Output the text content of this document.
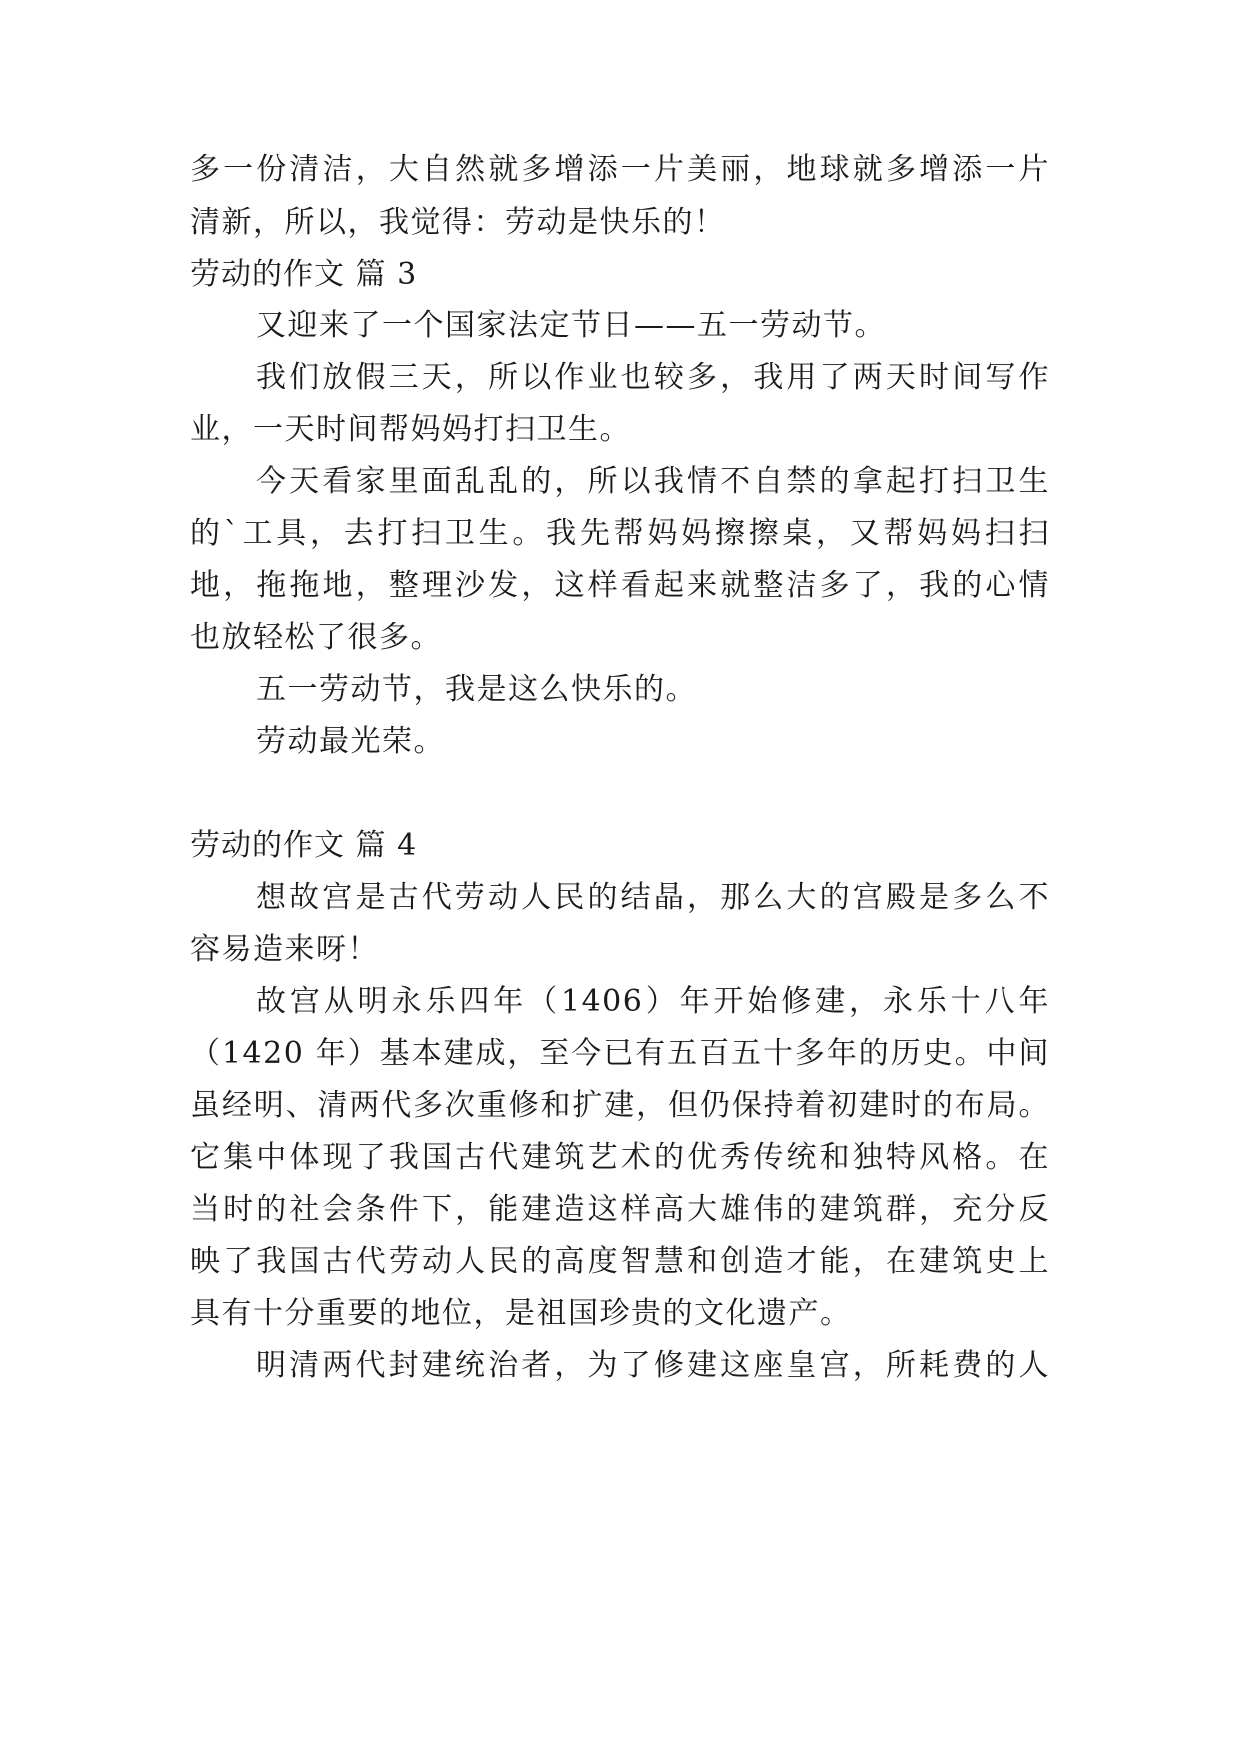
多一份清洁，大自然就多增添一片美丽，地球就多增添一片
清新，所以，我觉得：劳动是快乐的！
劳动的作文 篇 3
又迎来了一个国家法定节日——五一劳动节。
我们放假三天，所以作业也较多，我用了两天时间写作
业，一天时间帮妈妈打扫卫生。
今天看家里面乱乱的，所以我情不自禁的拿起打扫卫生
的`工具，去打扫卫生。我先帮妈妈擦擦桌，又帮妈妈扫扫
地，拖拖地，整理沙发，这样看起来就整洁多了，我的心情
也放轻松了很多。
五一劳动节，我是这么快乐的。
劳动最光荣。
劳动的作文 篇 4
想故宫是古代劳动人民的结晶，那么大的宫殿是多么不
容易造来呀！
故宫从明永乐四年（1406）年开始修建，永乐十八年
（1420 年）基本建成，至今已有五百五十多年的历史。中间
虽经明、清两代多次重修和扩建，但仍保持着初建时的布局。
它集中体现了我国古代建筑艺术的优秀传统和独特风格。在
当时的社会条件下，能建造这样高大雄伟的建筑群，充分反
映了我国古代劳动人民的高度智慧和创造才能，在建筑史上
具有十分重要的地位，是祖国珍贵的文化遗产。
明清两代封建统治者，为了修建这座皇宫，所耗费的人
